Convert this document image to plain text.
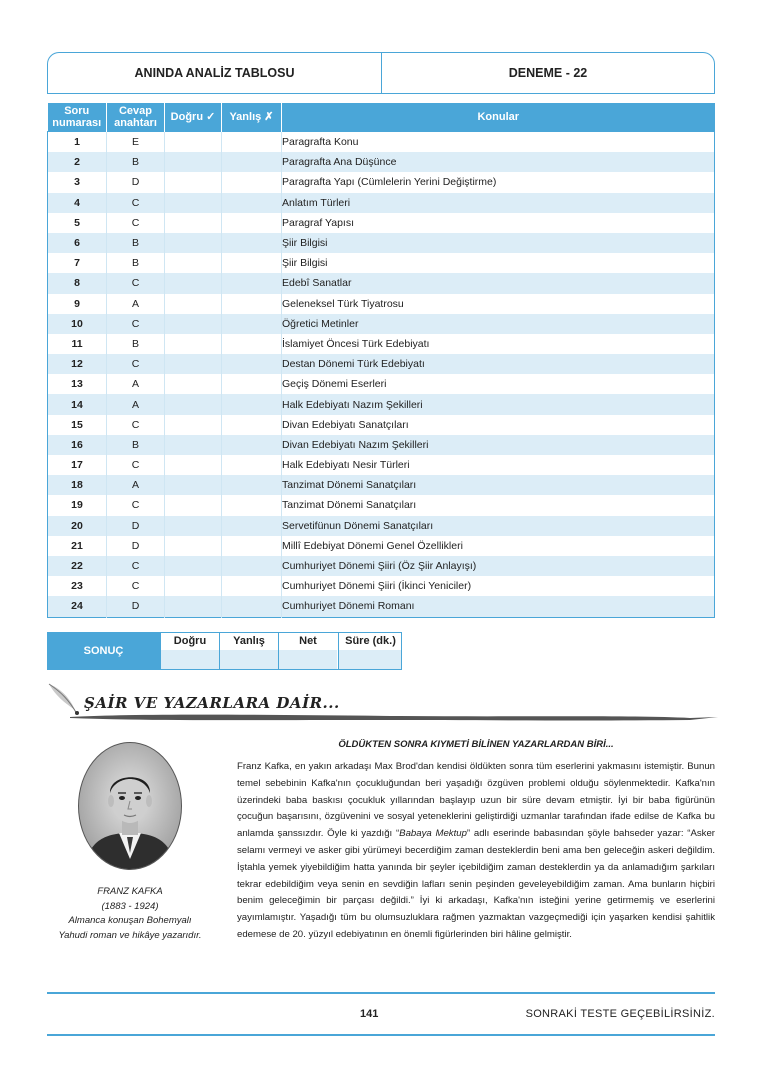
ANINDA ANALİZ TABLOSU	DENEME - 22
Soru numarası	Cevap anahtarı	Doğru ✓	Yanlış ✗	Konular
1	E			Paragrafta Konu
2	B			Paragrafta Ana Düşünce
3	D			Paragrafta Yapı (Cümlelerin Yerini Değiştirme)
4	C			Anlatım Türleri
5	C			Paragraf Yapısı
6	B			Şiir Bilgisi
7	B			Şiir Bilgisi
8	C			Edebî Sanatlar
9	A			Geleneksel Türk Tiyatrosu
10	C			Öğretici Metinler
11	B			İslamiyet Öncesi Türk Edebiyatı
12	C			Destan Dönemi Türk Edebiyatı
13	A			Geçiş Dönemi Eserleri
14	A			Halk Edebiyatı Nazım Şekilleri
15	C			Divan Edebiyatı Sanatçıları
16	B			Divan Edebiyatı Nazım Şekilleri
17	C			Halk Edebiyatı Nesir Türleri
18	A			Tanzimat Dönemi Sanatçıları
19	C			Tanzimat Dönemi Sanatçıları
20	D			Servetifünun Dönemi Sanatçıları
21	D			Millî Edebiyat Dönemi Genel Özellikleri
22	C			Cumhuriyet Dönemi Şiiri (Öz Şiir Anlayışı)
23	C			Cumhuriyet Dönemi Şiiri (İkinci Yeniciler)
24	D			Cumhuriyet Dönemi Romanı
SONUÇ
Doğru	Yanlış	Net	Süre (dk.)
ŞAİR VE YAZARLARA DAİR...
FRANZ KAFKA
(1883 - 1924)
Almanca konuşan Bohemyalı
Yahudi roman ve hikâye yazarıdır.
ÖLDÜKTEN SONRA KIYMETİ BİLİNEN YAZARLARDAN BİRİ...

Franz Kafka, en yakın arkadaşı Max Brod'dan kendisi öldükten sonra tüm eserlerini yakmasını istemiştir. Bunun temel sebebinin Kafka'nın çocukluğundan beri yaşadığı özgüven problemi olduğu söylenmektedir. Kafka'nın üzerindeki baba baskısı çocukluk yıllarından başlayıp uzun bir süre devam etmiştir. İyi bir baba figürünün çocuğun başarısını, özgüvenini ve sosyal yeteneklerini geliştirdiği uzmanlar tarafından ifade edilse de Kafka bu anlamda şanssızdır. Öyle ki yazdığı “Babaya Mektup” adlı eserinde babasından şöyle bahseder yazar: “Asker selamı vermeyi ve asker gibi yürümeyi becerdiğim zaman desteklerdin beni ama ben geleceğin askeri değildim. İştahla yemek yiyebildiğim hatta yanında bir şeyler içebildiğim zaman desteklerdin ya da anlamadığım şarkıları tekrar edebildiğim veya senin en sevdiğin lafları senin peşinden geveleyebildiğim zaman. Ama bunların hiçbiri benim geleceğimin bir parçası değildi.” İyi ki arkadaşı, Kafka'nın isteğini yerine getirmemiş ve eserlerini yayımlamıştır. Yaşadığı tüm bu olumsuzluklara rağmen yazmaktan vazgeçmediği için yaşarken kendisi şahitlik edemese de 20. yüzyıl edebiyatının en önemli figürlerinden biri hâline gelmiştir.

141	SONRAKİ TESTE GEÇEBİLİRSİNİZ.
